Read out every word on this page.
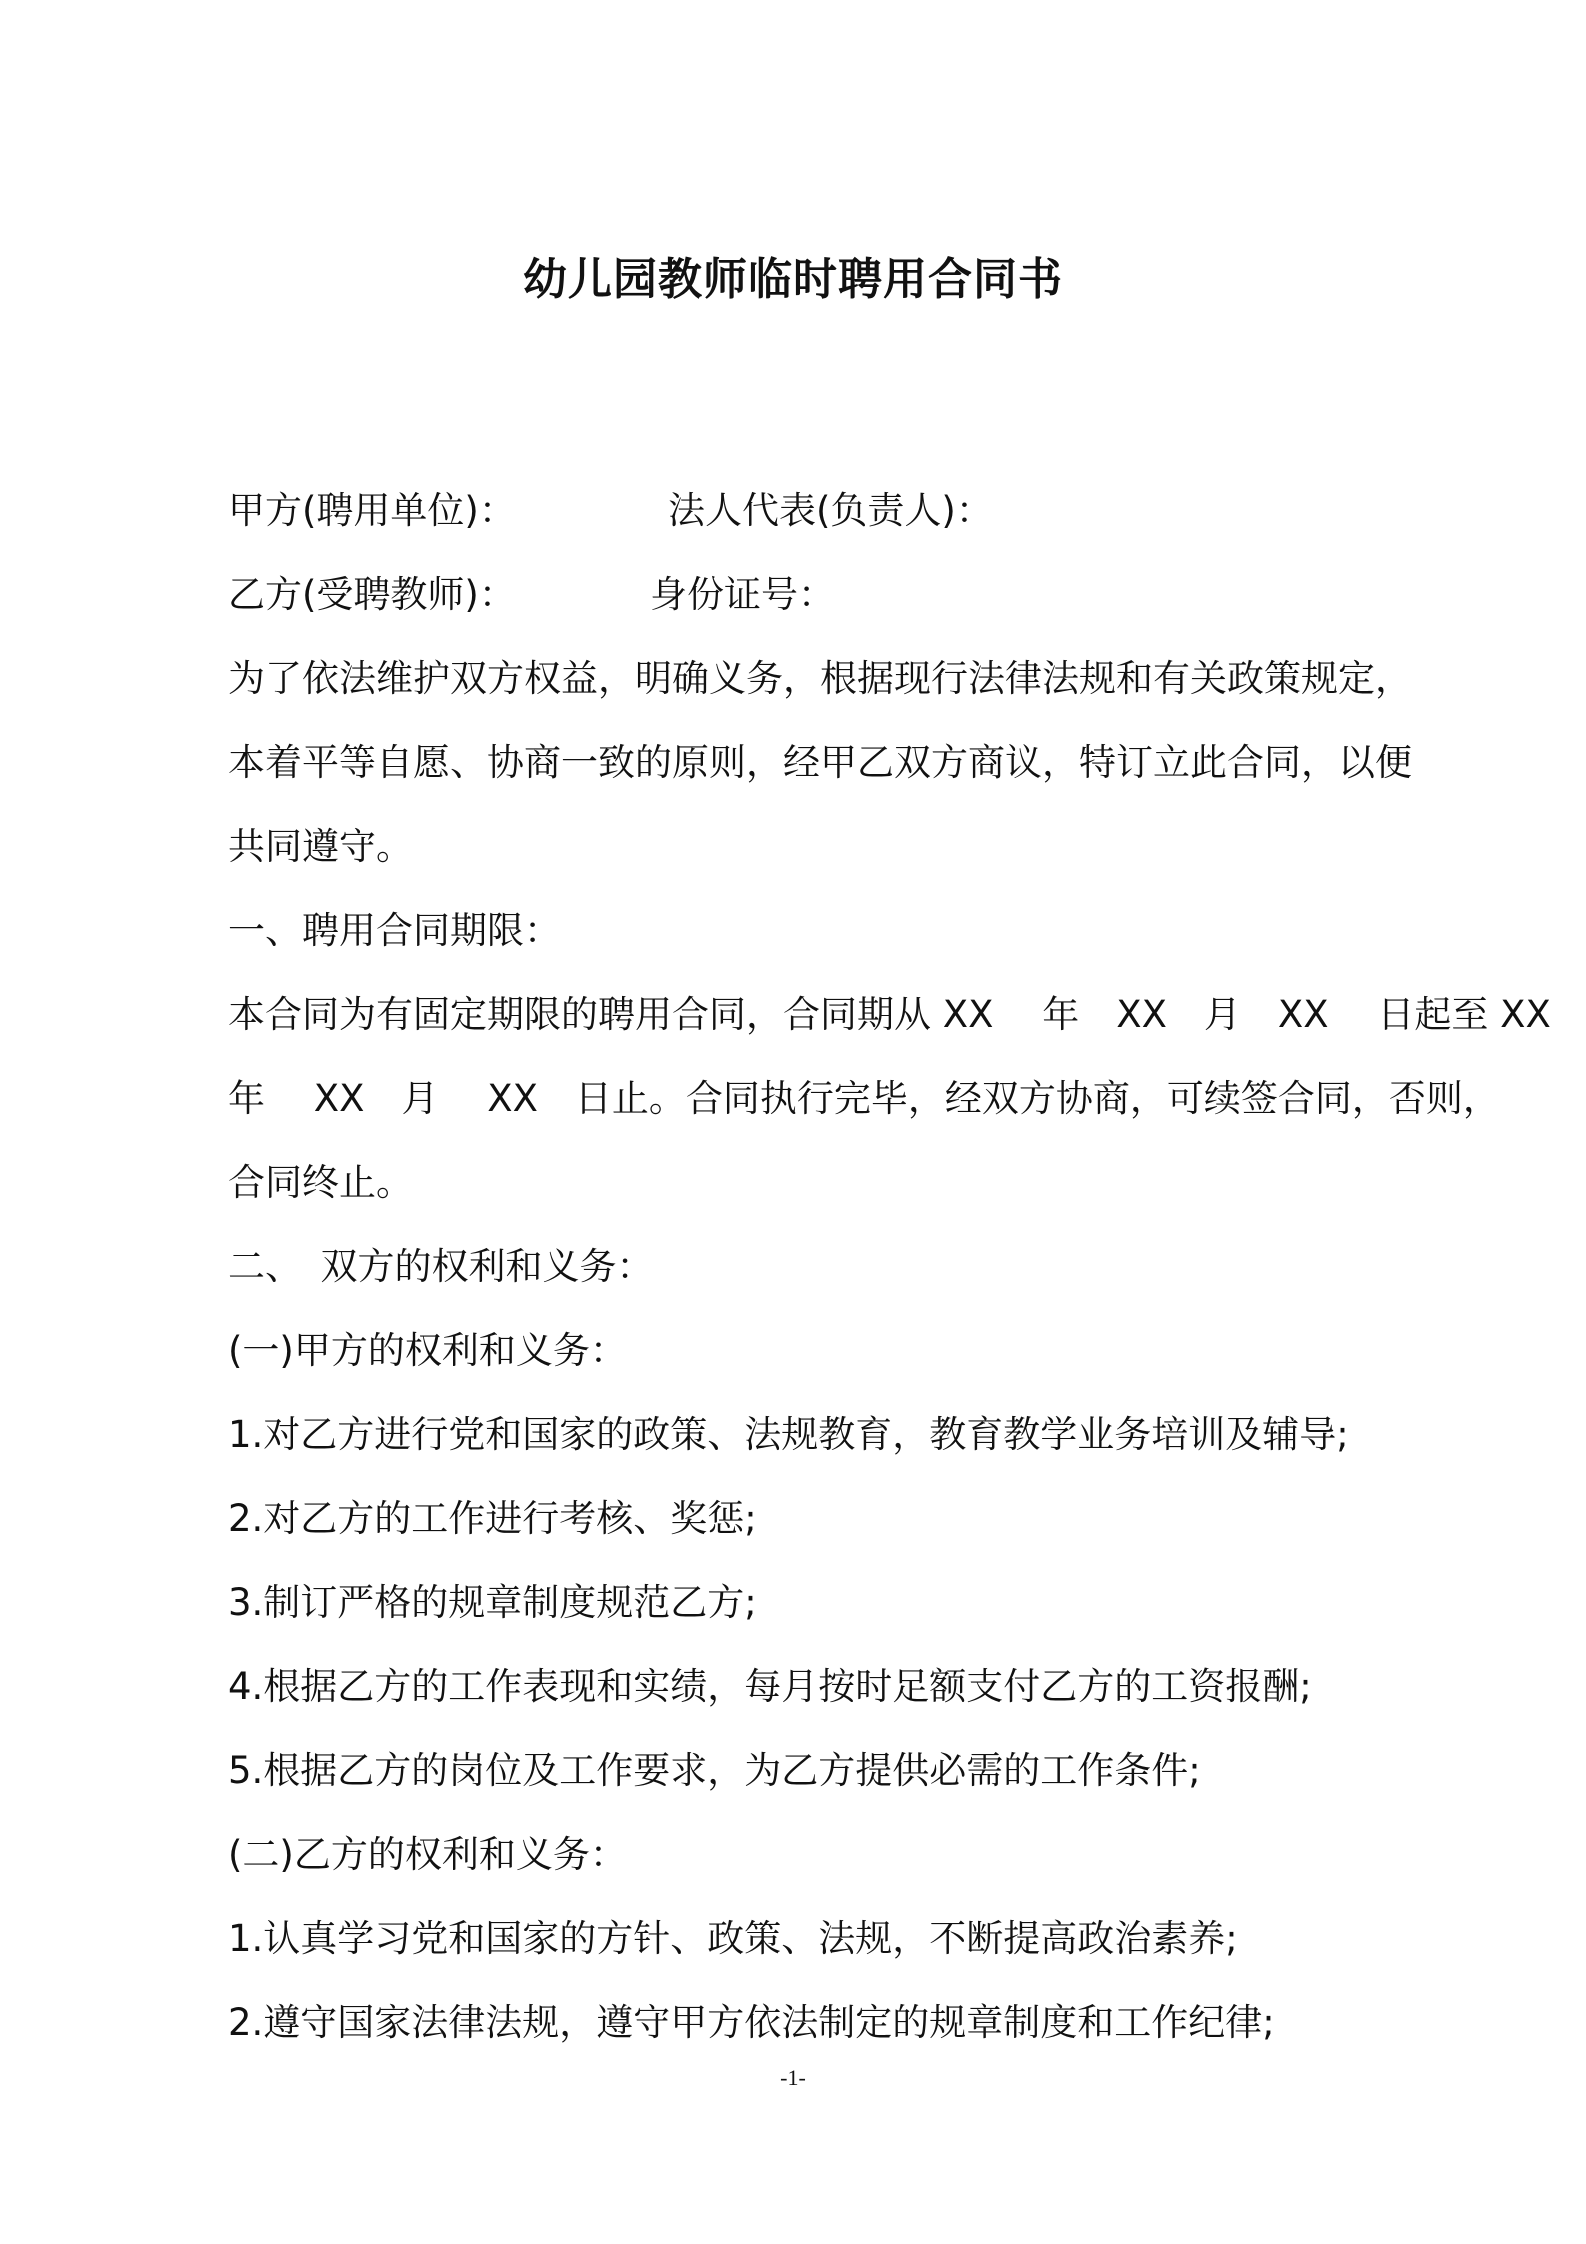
幼儿园教师临时聘用合同书
甲方(聘用单位)：	法人代表(负责人)：
乙方(受聘教师)：	身份证号：
为了依法维护双方权益，明确义务，根据现行法律法规和有关政策规定，
本着平等自愿、协商一致的原则，经甲乙双方商议，特订立此合同，以便
共同遵守。
一、聘用合同期限：
本合同为有固定期限的聘用合同，合同期从 XX　 年　XX　月　XX　 日起至 XX
年　 XX　月　 XX　日止。合同执行完毕，经双方协商，可续签合同，否则，
合同终止。
二、　双方的权利和义务：
(一)甲方的权利和义务：
1.对乙方进行党和国家的政策、法规教育，教育教学业务培训及辅导;
2.对乙方的工作进行考核、奖惩;
3.制订严格的规章制度规范乙方;
4.根据乙方的工作表现和实绩，每月按时足额支付乙方的工资报酬;
5.根据乙方的岗位及工作要求，为乙方提供必需的工作条件;
(二)乙方的权利和义务：
1.认真学习党和国家的方针、政策、法规，不断提高政治素养;
2.遵守国家法律法规，遵守甲方依法制定的规章制度和工作纪律;
-1-
